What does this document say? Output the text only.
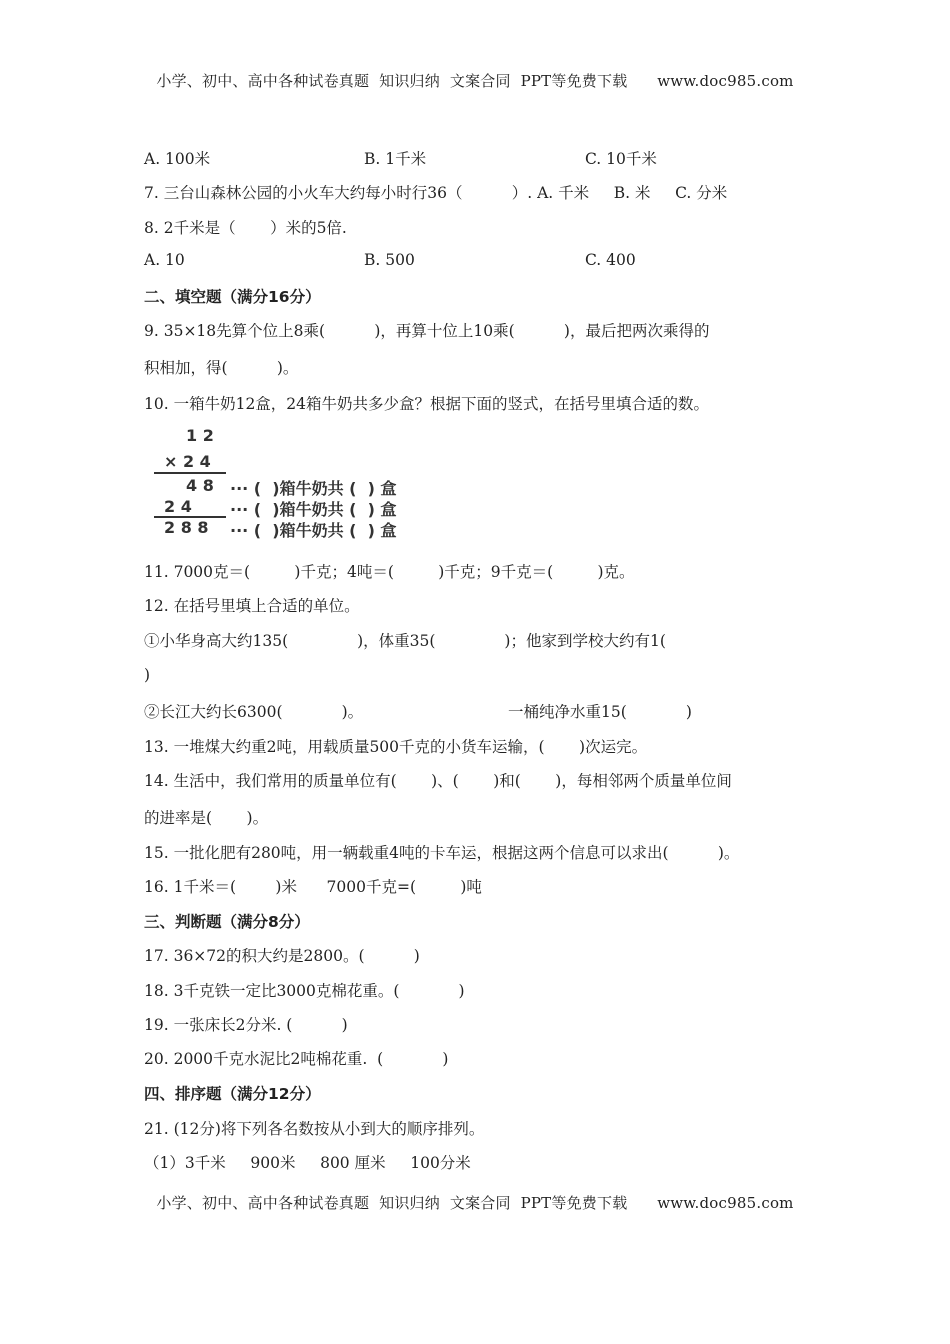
小学、初中、高中各种试卷真题  知识归纳  文案合同  PPT等免费下载      www.doc985.com
A. 100米	B. 1千米	C. 10千米
7. 三台山森林公园的小火车大约每小时行36（          ）. A. 千米     B. 米     C. 分米
8. 2千米是（       ）米的5倍.
A. 10	B. 500	C. 400
二、填空题（满分16分）
9. 35×18先算个位上8乘(          )，再算十位上10乘(          )，最后把两次乘得的
积相加，得(          )。
10. 一箱牛奶12盒，24箱牛奶共多少盒？根据下面的竖式，在括号里填合适的数。
1 2
× 2 4
4 8 ··· (  )箱牛奶共 (  ) 盒
2 4 ··· (  )箱牛奶共 (  ) 盒
2 8 8 ··· (  )箱牛奶共 (  ) 盒
11. 7000克＝(         )千克；4吨＝(         )千克；9千克＝(         )克。
12. 在括号里填上合适的单位。
①小华身高大约135(              )，体重35(              )；他家到学校大约有1(
)
②长江大约长6300(            )。	一桶纯净水重15(            )
13. 一堆煤大约重2吨，用载质量500千克的小货车运输，(       )次运完。
14. 生活中，我们常用的质量单位有(       )、(       )和(       )，每相邻两个质量单位间
的进率是(       )。
15. 一批化肥有280吨，用一辆载重4吨的卡车运，根据这两个信息可以求出(          )。
16. 1千米＝(        )米      7000千克=(         )吨
三、判断题（满分8分）
17. 36×72的积大约是2800。(          )
18. 3千克铁一定比3000克棉花重。(            )
19. 一张床长2分米. (          )
20. 2000千克水泥比2吨棉花重.  (            )
四、排序题（满分12分）
21. (12分)将下列各名数按从小到大的顺序排列。
（1）3千米     900米     800 厘米     100分米
小学、初中、高中各种试卷真题  知识归纳  文案合同  PPT等免费下载      www.doc985.com
